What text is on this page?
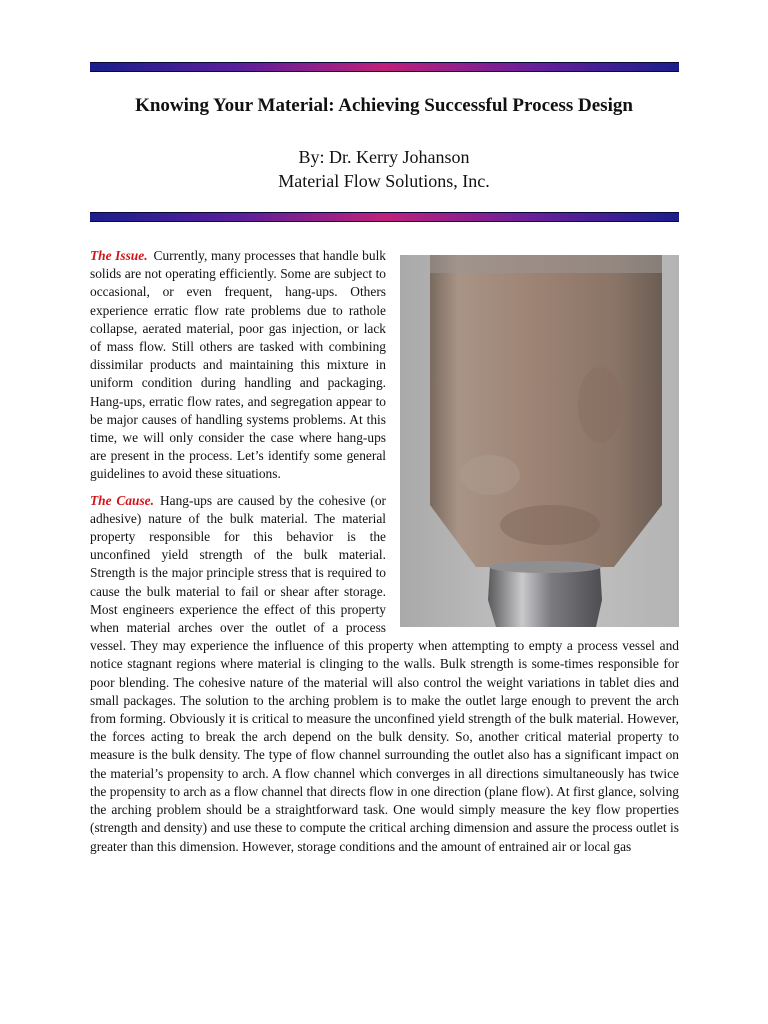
Knowing Your Material: Achieving Successful Process Design
By: Dr. Kerry Johanson
Material Flow Solutions, Inc.

The Issue. Currently, many processes that handle bulk solids are not operating efficiently. Some are subject to occasional, or even frequent, hang-ups. Others experience erratic flow rate problems due to rathole collapse, aerated material, poor gas injection, or lack of mass flow. Still others are tasked with combining dissimilar products and maintaining this mixture in uniform condition during handling and packaging. Hang-ups, erratic flow rates, and segregation appear to be major causes of handling systems problems. At this time, we will only consider the case where hang-ups are present in the process. Let’s identify some general guidelines to avoid these situations.

The Cause. Hang-ups are caused by the cohesive (or adhesive) nature of the bulk material. The material property responsible for this behavior is the unconfined yield strength of the bulk material. Strength is the major principle stress that is required to cause the bulk material to fail or shear after storage. Most engineers experience the effect of this property when material arches over the outlet of a process vessel. They may experience the influence of this property when attempting to empty a process vessel and notice stagnant regions where material is clinging to the walls. Bulk strength is some-times responsible for poor blending. The cohesive nature of the material will also control the weight variations in tablet dies and small packages. The solution to the arching problem is to make the outlet large enough to prevent the arch from forming. Obviously it is critical to measure the unconfined yield strength of the bulk material. However, the forces acting to break the arch depend on the bulk density. So, another critical material property to measure is the bulk density. The type of flow channel surrounding the outlet also has a significant impact on the material’s propensity to arch. A flow channel which converges in all directions simultaneously has twice the propensity to arch as a flow channel that directs flow in one direction (plane flow). At first glance, solving the arching problem should be a straightforward task. One would simply measure the key flow properties (strength and density) and use these to compute the critical arching dimension and assure the process outlet is greater than this dimension. However, storage conditions and the amount of entrained air or local gas
